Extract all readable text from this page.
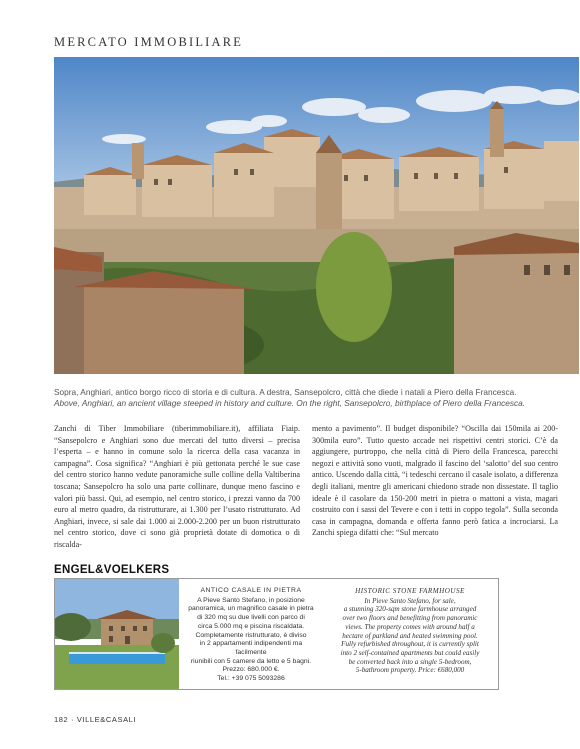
MERCATO IMMOBILIARE
Sopra, Anghiari, antico borgo ricco di storia e di cultura. A destra, Sansepolcro, città che diede i natali a Piero della Francesca.
Above, Anghiari, an ancient village steeped in history and culture. On the right, Sansepolcro, birthplace of Piero della Francesca.

Zanchi di Tiber Immobiliare (tiberimmobiliare.it), affiliata Fiaip. “Sansepolcro e Anghiari sono due mercati del tutto diversi – precisa l’esperta – e hanno in comune solo la ricerca della casa vacanza in campagna”. Cosa significa? “Anghiari è più gettonata perché le sue case del centro storico hanno vedute panoramiche sulle colline della Valtiberina toscana; Sansepolcro ha solo una parte collinare, dunque meno fascino e valori più bassi. Qui, ad esempio, nel centro storico, i prezzi vanno da 700 euro al metro quadro, da ristrutturare, ai 1.300 per l’usato ristrutturato. Ad Anghiari, invece, si sale dai 1.000 ai 2.000-2.200 per un buon ristrutturato nel centro storico, dove ci sono già proprietà dotate di domotica o di riscalda-

mento a pavimento”. Il budget disponibile? “Oscilla dai 150mila ai 200-300mila euro”. Tutto questo accade nei rispettivi centri storici. C’è da aggiungere, purtroppo, che nella città di Piero della Francesca, parecchi negozi e attività sono vuoti, malgrado il fascino del ‘salotto’ del suo centro antico. Uscendo dalla città, “i tedeschi cercano il casale isolato, a differenza degli italiani, mentre gli americani chiedono strade non dissestate. Il taglio ideale è il casolare da 150-200 metri in pietra o mattoni a vista, magari costruito con i sassi del Tevere e con i tetti in coppo tegola”. Sulla seconda casa in campagna, domanda e offerta fanno però fatica a incrociarsi. La Zanchi spiega difatti che: “Sul mercato

ENGEL&VOELKERS
ANTICO CASALE IN PIETRA
A Pieve Santo Stefano, in posizione
panoramica, un magnifico casale in pietra
di 320 mq su due livelli con parco di
circa 5.000 mq e piscina riscaldata.
Completamente ristrutturato, è diviso
in 2 appartamenti indipendenti ma facilmente
riunibili con 5 camere da letto e 5 bagni.
Prezzo: 680.000 €.
Tel.: +39 075 5093286
HISTORIC STONE FARMHOUSE
In Pieve Santo Stefano, for sale,
a stunning 320-sqm stone farmhouse arranged
over two floors and benefitting from panoramic
views. The property comes with around half a
hectare of parkland and heated swimming pool.
Fully refurbished throughout, it is currently split
into 2 self-contained apartments but could easily
be converted back into a single 5-bedroom,
5-bathroom property. Price: €680,000
182 · VILLE&CASALI
